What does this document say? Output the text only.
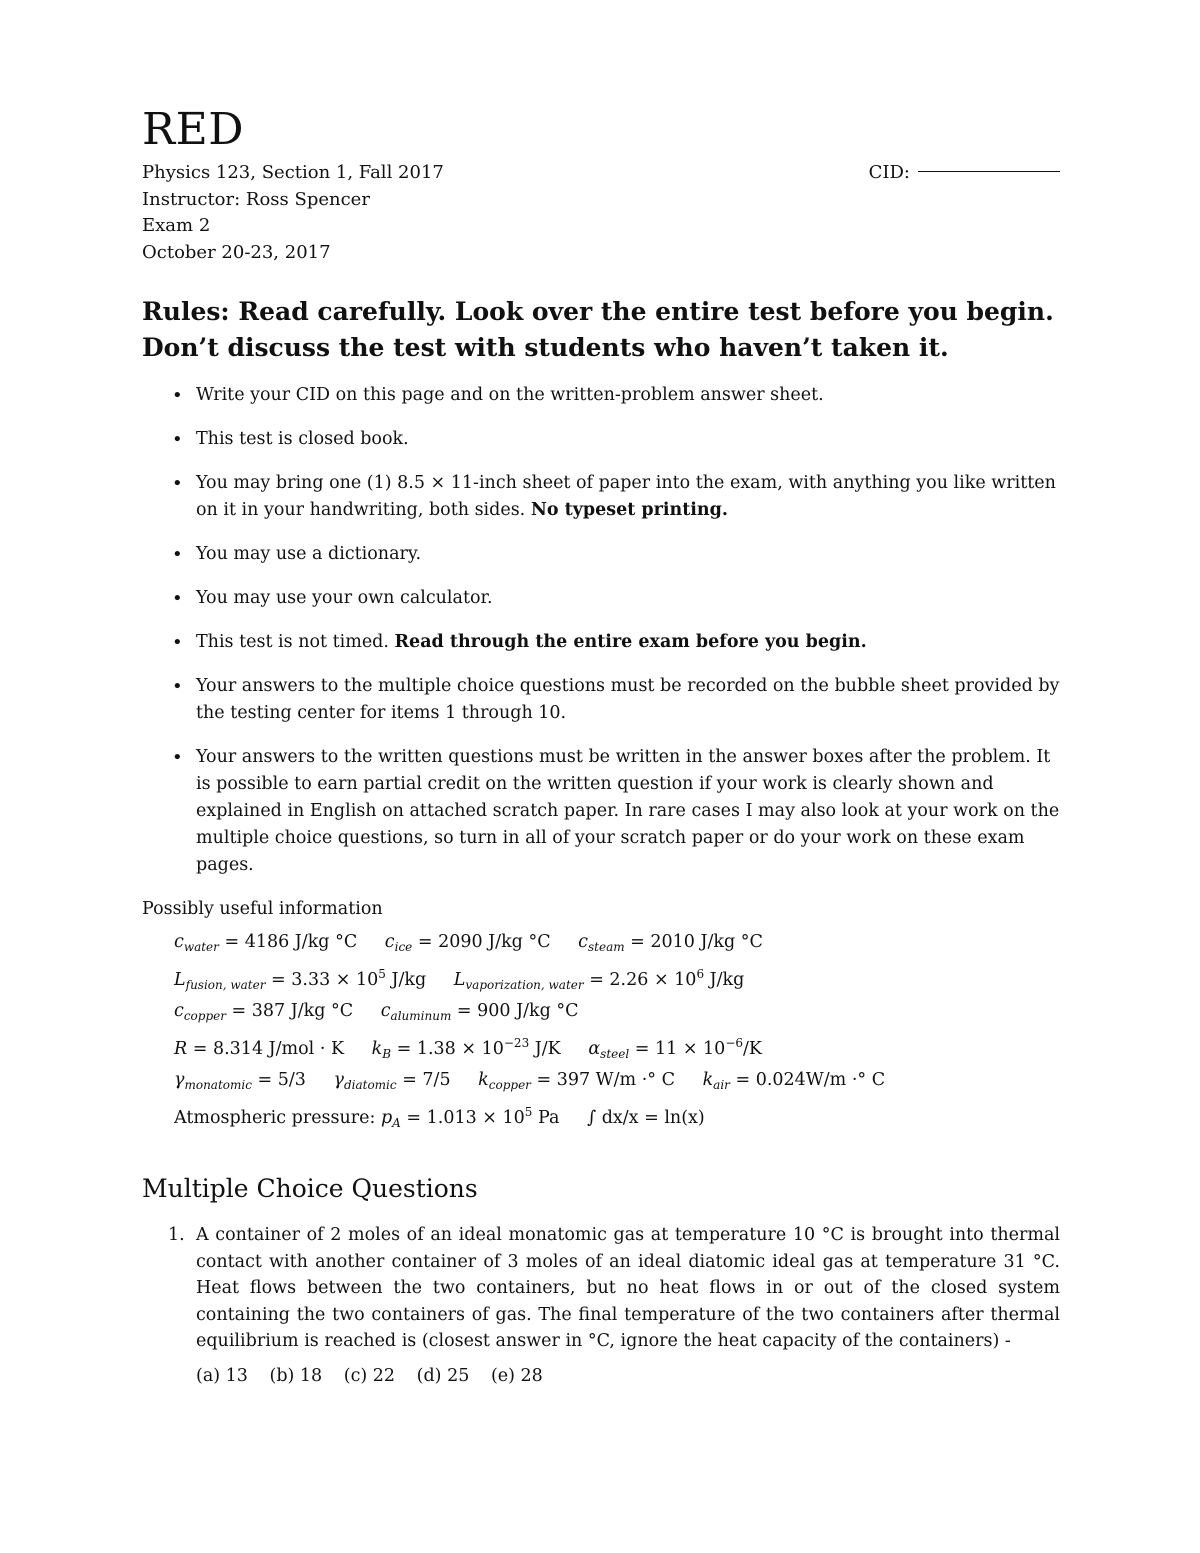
RED
Physics 123, Section 1, Fall 2017
Instructor: Ross Spencer
Exam 2
October 20-23, 2017
CID:
Rules: Read carefully. Look over the entire test before you begin.
Don’t discuss the test with students who haven’t taken it.
• Write your CID on this page and on the written-problem answer sheet.
• This test is closed book.
• You may bring one (1) 8.5 × 11-inch sheet of paper into the exam, with anything you like written on it in your handwriting, both sides. No typeset printing.
• You may use a dictionary.
• You may use your own calculator.
• This test is not timed. Read through the entire exam before you begin.
• Your answers to the multiple choice questions must be recorded on the bubble sheet provided by the testing center for items 1 through 10.
• Your answers to the written questions must be written in the answer boxes after the problem. It is possible to earn partial credit on the written question if your work is clearly shown and explained in English on attached scratch paper. In rare cases I may also look at your work on the multiple choice questions, so turn in all of your scratch paper or do your work on these exam pages.
Possibly useful information
$c_{water} = 4186$ J/kg °C $c_{ice} = 2090$ J/kg °C $c_{steam} = 2010$ J/kg °C
$L_{fusion, water} = 3.33 \times 10^5$ J/kg $L_{vaporization, water} = 2.26 \times 10^6$ J/kg
$c_{copper} = 387$ J/kg °C $c_{aluminum} = 900$ J/kg °C
R = 8.314 J/mol · K $k_B = 1.38 \times 10^{-23}$ J/K $\alpha_{steel} = 11 \times 10^{-6}/K$
$\gamma_{monatomic} = 5/3$ $\gamma_{diatomic} = 7/5$ $k_{copper} = 397$ W/m ·° C $k_{air} = 0.024W/m$ ·° C
Atmospheric pressure: $p_A = 1.013 \times 10^5$ Pa ∫ dx/x = ln(x)
Multiple Choice Questions
1. A container of 2 moles of an ideal monatomic gas at temperature 10 °C is brought into thermal contact with another container of 3 moles of an ideal diatomic ideal gas at temperature 31 °C. Heat flows between the two containers, but no heat flows in or out of the closed system containing the two containers of gas. The final temperature of the two containers after thermal equilibrium is reached is (closest answer in °C, ignore the heat capacity of the containers) -
(a) 13 (b) 18 (c) 22 (d) 25 (e) 28
